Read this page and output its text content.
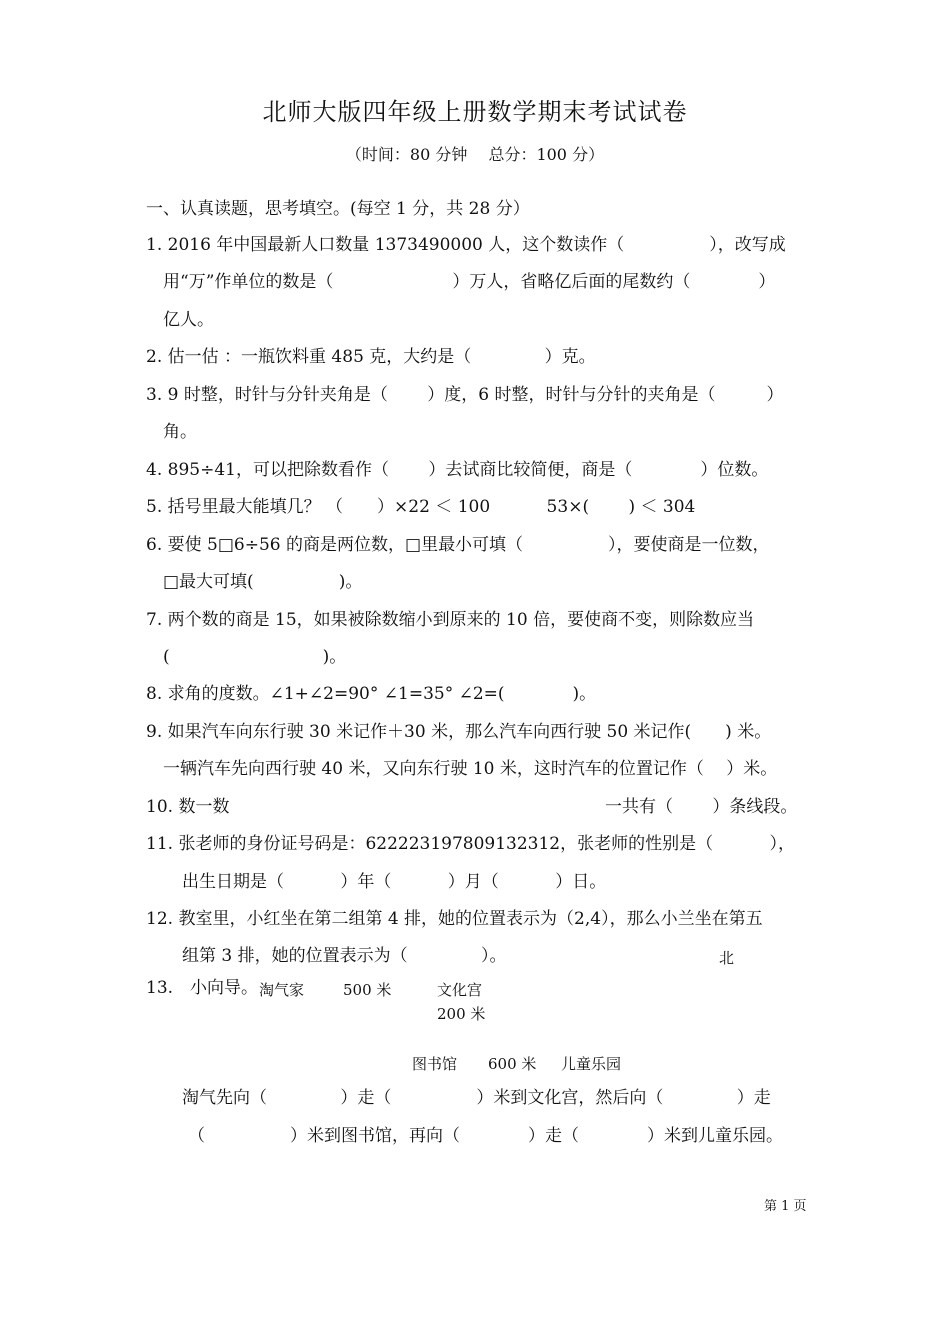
北师大版四年级上册数学期末考试试卷
（时间：80 分钟　 总分：100 分）
一、认真读题，思考填空。(每空 1 分，共 28 分）
1. 2016 年中国最新人口数量 1373490000 人，这个数读作（　　　　　），改写成
用“万”作单位的数是（　　　　　　　）万人，省略亿后面的尾数约（　　　　）
亿人。
2. 估一估 ：一瓶饮料重 485 克，大约是（　　　　 ）克。
3. 9 时整，时针与分针夹角是（　　 ）度，6 时整，时针与分针的夹角是（　　　）
角。
4. 895÷41，可以把除数看作（　　 ）去试商比较简便，商是（　　　　）位数。
5. 括号里最大能填几？ （　　）×22 ＜ 100　　　 53×(　　 ) ＜ 304
6. 要使 5□6÷56 的商是两位数，□里最小可填（　　　　　），要使商是一位数，
□最大可填(　　　　　)。
7. 两个数的商是 15，如果被除数缩小到原来的 10 倍，要使商不变，则除数应当
(　　　　　　　　　)。
8. 求角的度数。∠1+∠2=90° ∠1=35° ∠2=(　　　　)。
9. 如果汽车向东行驶 30 米记作＋30 米，那么汽车向西行驶 50 米记作(　　) 米。
一辆汽车先向西行驶 40 米，又向东行驶 10 米，这时汽车的位置记作（　 ）米。
10. 数一数	一共有（　　 ）条线段。
11. 张老师的身份证号码是：622223197809132312，张老师的性别是（　　　 ），
出生日期是（　　　 ）年（　　　 ）月（　　　 ）日。
12. 教室里，小红坐在第二组第 4 排，她的位置表示为（2,4），那么小兰坐在第五
组第 3 排，她的位置表示为（　　　　 ）。	北
13.　小向导。 淘气家	500 米	文化宫
200 米
图书馆 600 米 儿童乐园
淘气先向（　　　　 ）走（　　　　　）米到文化宫，然后向（　　　　 ）走
（　　　　　）米到图书馆，再向（　　　　）走（　　　　）米到儿童乐园。
第 1 页
